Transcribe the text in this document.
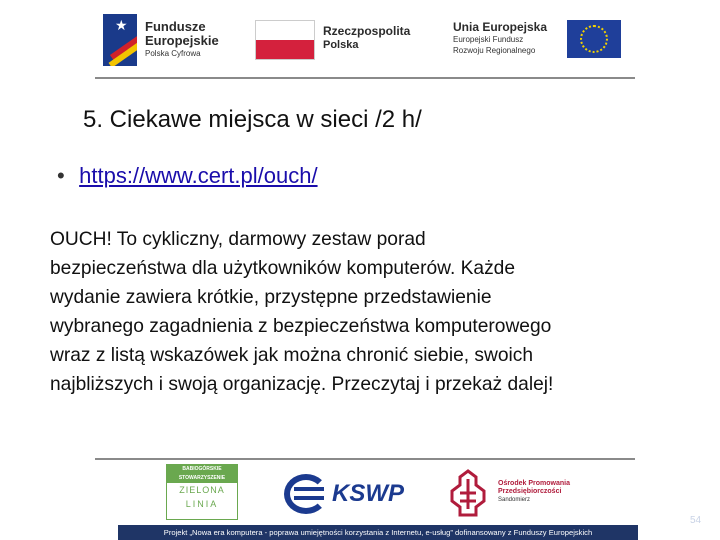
★ Fundusze
Europejskie
Polska Cyfrowa
Rzeczpospolita
Polska
Unia Europejska
Europejski Fundusz
Rozwoju Regionalnego
5. Ciekawe miejsca w sieci /2 h/
• https://www.cert.pl/ouch/
OUCH! To cykliczny, darmowy zestaw porad
bezpieczeństwa dla użytkowników komputerów. Każde
wydanie zawiera krótkie, przystępne przedstawienie
wybranego zagadnienia z bezpieczeństwa komputerowego
wraz z listą wskazówek jak można chronić siebie, swoich
najbliższych i swoją organizację. Przeczytaj i przekaż dalej!
BABIOGÓRSKIE STOWARZYSZENIE
ZIELONA
LINIA	KSWP	Ośrodek Promowania
Przedsiębiorczości
Sandomierz
Projekt „Nowa era komputera - poprawa umiejętności korzystania z Internetu, e-usług” dofinansowany z Funduszy Europejskich
54
